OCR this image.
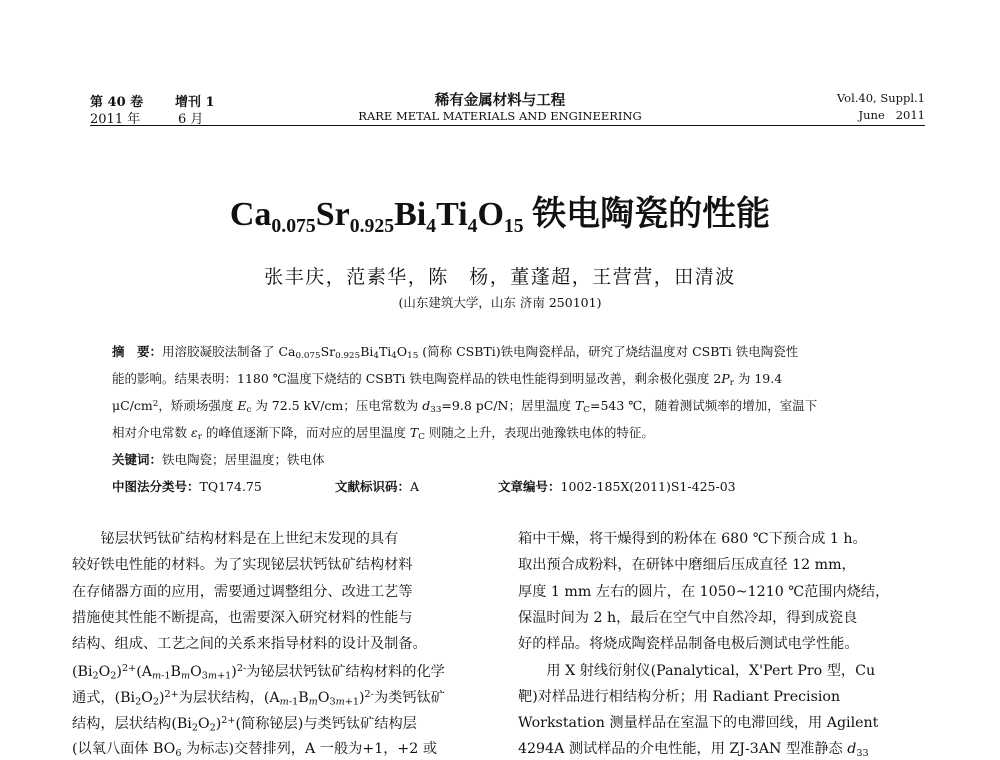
第 40 卷 增刊 1
2011 年	6 月
稀有金属材料与工程
RARE METAL MATERIALS AND ENGINEERING
Vol.40, Suppl.1
June   2011
$Ca_{0.075}Sr_{0.925}Bi_4Ti_4O_{15}$ 铁电陶瓷的性能
张丰庆，范素华，陈　杨，董蓬超，王营营，田清波
(山东建筑大学，山东 济南 250101)
摘　要：用溶胶凝胶法制备了 $Ca_{0.075}Sr_{0.925}Bi_4Ti_4O_{15}$ (简称 CSBTi)铁电陶瓷样品，研究了烧结温度对 CSBTi 铁电陶瓷性
能的影响。结果表明：1180 ℃温度下烧结的 CSBTi 铁电陶瓷样品的铁电性能得到明显改善，剩余极化强度 $2P_r$ 为 19.4
$\mu C/cm^2$，矫顽场强度 $E_c$ 为 72.5 kV/cm；压电常数为 $d_{33}=9.8$ pC/N；居里温度 $T_C=543$ ℃，随着测试频率的增加，室温下
相对介电常数 $\varepsilon_r$ 的峰值逐渐下降，而对应的居里温度 $T_C$ 则随之上升，表现出弛豫铁电体的特征。
关键词：铁电陶瓷；居里温度；铁电体
中图法分类号：TQ174.75	文献标识码：A	文章编号：1002-185X(2011)S1-425-03
　　铋层状钙钛矿结构材料是在上世纪末发现的具有
较好铁电性能的材料。为了实现铋层状钙钛矿结构材料
在存储器方面的应用，需要通过调整组分、改进工艺等
措施使其性能不断提高，也需要深入研究材料的性能与
结构、组成、工艺之间的关系来指导材料的设计及制备。
$(Bi_2O_2)^{2+}(A_{m-1}B_mO_{3m+1})^{2-}$为铋层状钙钛矿结构材料的化学
通式，$(Bi_2O_2)^{2+}$为层状结构，$(A_{m-1}B_mO_{3m+1})^{2-}$为类钙钛矿
结构，层状结构$(Bi_2O_2)^{2+}$(简称铋层)与类钙钛矿结构层
(以氧八面体 $BO_6$ 为标志)交替排列，A 一般为+1，+2 或
箱中干燥，将干燥得到的粉体在 680 ℃下预合成 1 h。
取出预合成粉料，在研钵中磨细后压成直径 12 mm，
厚度 1 mm 左右的圆片，在 1050~1210 ℃范围内烧结，
保温时间为 2 h，最后在空气中自然冷却，得到成瓷良
好的样品。将烧成陶瓷样品制备电极后测试电学性能。
　　用 X 射线衍射仪(Panalytical，X'Pert Pro 型，Cu
靶)对样品进行相结构分析；用 Radiant Precision
Workstation 测量样品在室温下的电滞回线，用 Agilent
4294A 测试样品的介电性能，用 ZJ-3AN 型准静态 $d_{33}$
